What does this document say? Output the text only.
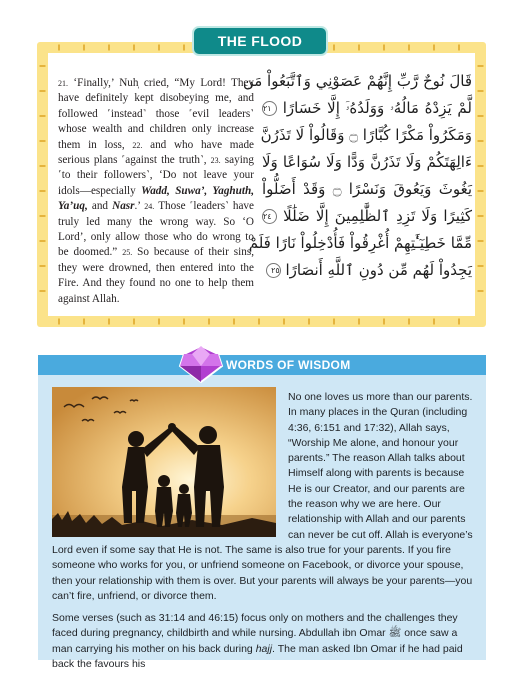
THE FLOOD
21. ‘Finally,’ Nuh̩ cried, “My Lord! They have definitely kept disobeying me, and followed ˹instead˺ those ˹evil leaders˺ whose wealth and children only increase them in loss, 22. and who have made serious plans ˹against the truth˺, 23. saying ˹to their followers˺, ‘Do not leave your idols—especially Wadd, Suwa’, Yaghuth, Ya’uq, and Nasr.’ 24. Those ˹leaders˺ have truly led many the wrong way. So ‘O Lord’, only allow those who do wrong to be doomed.” 25. So because of their sins, they were drowned, then entered into the Fire. And they found no one to help them against Allah.
قَالَ نُوحٌ رَّبِّ إِنَّهُمْ عَصَوْنِي وَٱتَّبَعُواْ مَن
لَّمْ يَزِدْهُ مَالُهُۥ وَوَلَدُهُۥٓ إِلَّا خَسَارًا ٢١
وَمَكَرُواْ مَكْرًا كُبَّارًا ۝ وَقَالُواْ لَا تَذَرُنَّ
ءَالِهَتَكُمْ وَلَا تَذَرُنَّ وَدًّا وَلَا سُوَاعًا وَلَا
يَغُوثَ وَيَعُوقَ وَنَسْرًا ۝ وَقَدْ أَضَلُّواْ
كَثِيرًا وَلَا تَزِدِ ٱلظَّٰلِمِينَ إِلَّا ضَلَٰلًا ٢٤
مِّمَّا خَطِيٓـَٰٔتِهِمْ أُغْرِقُواْ فَأُدْخِلُواْ نَارًا فَلَمْ
يَجِدُواْ لَهُم مِّن دُونِ ٱللَّهِ أَنصَارًا ٢٥
WORDS OF WISDOM

No one loves us more than our parents. In many places in the Quran (including 4:36, 6:151 and 17:32), Allah says, “Worship Me alone, and honour your parents.” The reason Allah talks about Himself along with parents is because He is our Creator, and our parents are the reason why we are here. Our relationship with Allah and our parents can never be cut off. Allah is everyone’s Lord even if some say that He is not. The same is also true for your parents. If you fire someone who works for you, or unfriend someone on Facebook, or divorce your spouse, then your relationship with them is over. But your parents will always be your parents—you can’t fire, unfriend, or divorce them.

Some verses (such as 31:14 and 46:15) focus only on mothers and the challenges they faced during pregnancy, childbirth and while nursing. Abdullah ibn Omar ﷺ once saw a man carrying his mother on his back during hajj. The man asked Ibn Omar if he had paid back the favours his
